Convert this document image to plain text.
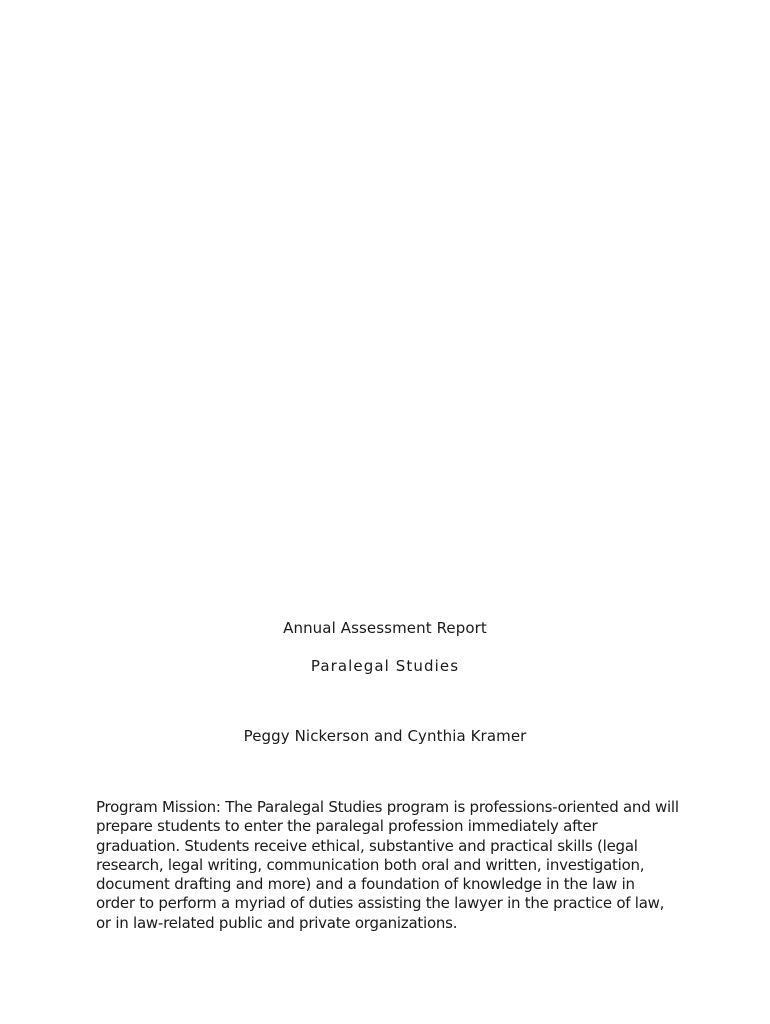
Annual Assessment Report
Paralegal Studies
Peggy Nickerson and Cynthia Kramer
Program Mission: The Paralegal Studies program is professions-oriented and will
prepare students to enter the paralegal profession immediately after
graduation. Students receive ethical, substantive and practical skills (legal
research, legal writing, communication both oral and written, investigation,
document drafting and more) and a foundation of knowledge in the law in
order to perform a myriad of duties assisting the lawyer in the practice of law,
or in law-related public and private organizations.
